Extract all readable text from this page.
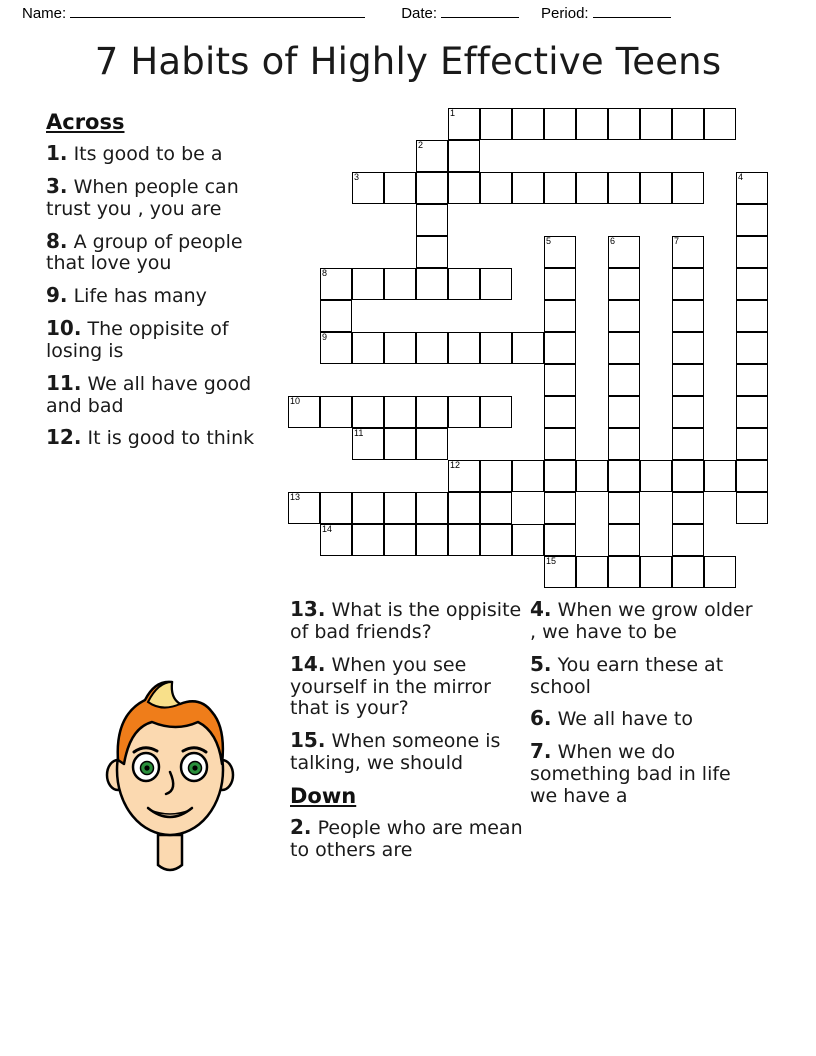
Name:	Date:	Period:
7 Habits of Highly Effective Teens
Across
1. Its good to be a
3. When people can trust you , you are
8. A group of people that love you
9. Life has many
10. The oppisite of losing is
11. We all have good and bad
12. It is good to think
13. What is the oppisite of bad friends?
14. When you see yourself in the mirror that is your?
15. When someone is talking, we should
Down
2. People who are mean to others are
4. When we grow older , we have to be
5. You earn these at school
6. We all have to
7. When we do something bad in life we have a
1
2
3	4
5	6	7
8
9
10
11
12
13
14
15
